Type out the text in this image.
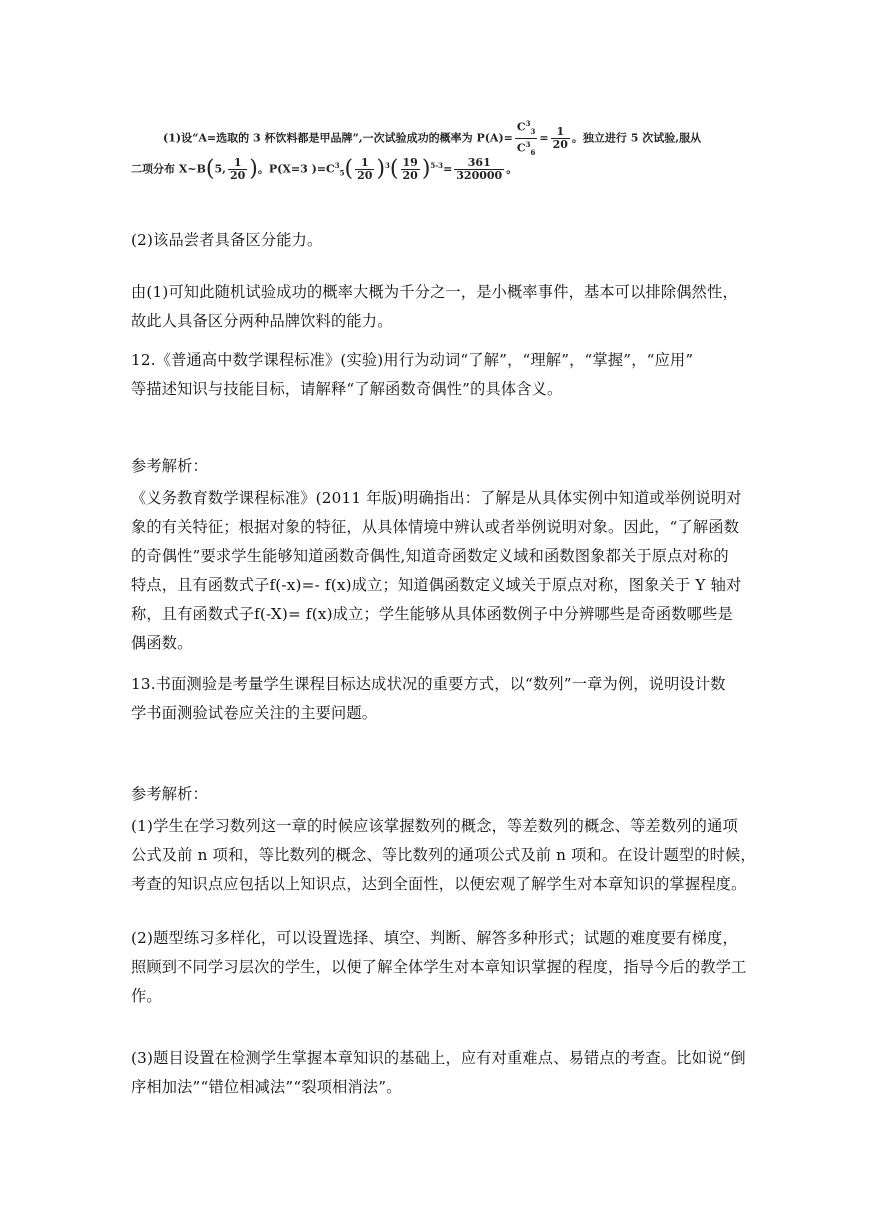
(1)设“A=选取的 3 杯饮料都是甲品牌”,一次试验成功的概率为 $P(A)= \frac{C^3_3}{C^3_6} = \frac{1}{20}$ 。独立进行 5 次试验,服从
二项分布 X~B(5, $\frac{1}{20}$ )。P(X=3 )$=C^3_5( \frac{1}{20} )^3( \frac{19}{20} )^{5-3}= \frac{361}{320000}$ 。

(2)该品尝者具备区分能力。

由(1)可知此随机试验成功的概率大概为千分之一，是小概率事件，基本可以排除偶然性，
故此人具备区分两种品牌饮料的能力。

12.《普通高中数学课程标准》(实验)用行为动词“了解”，“理解”，“掌握”，“应用”
等描述知识与技能目标，请解释“了解函数奇偶性”的具体含义。

参考解析：

《义务教育数学课程标准》(2011 年版)明确指出：了解是从具体实例中知道或举例说明对
象的有关特征；根据对象的特征，从具体情境中辨认或者举例说明对象。因此，“了解函数
的奇偶性”要求学生能够知道函数奇偶性,知道奇函数定义域和函数图象都关于原点对称的
特点，且有函数式子f(-x)=- f(x)成立；知道偶函数定义域关于原点对称，图象关于 Y 轴对
称，且有函数式子f(-X)= f(x)成立；学生能够从具体函数例子中分辨哪些是奇函数哪些是
偶函数。

13.书面测验是考量学生课程目标达成状况的重要方式，以“数列”一章为例，说明设计数
学书面测验试卷应关注的主要问题。

参考解析：

(1)学生在学习数列这一章的时候应该掌握数列的概念，等差数列的概念、等差数列的通项
公式及前 n 项和，等比数列的概念、等比数列的通项公式及前 n 项和。在设计题型的时候，
考查的知识点应包括以上知识点，达到全面性，以便宏观了解学生对本章知识的掌握程度。

(2)题型练习多样化，可以设置选择、填空、判断、解答多种形式；试题的难度要有梯度，
照顾到不同学习层次的学生，以便了解全体学生对本章知识掌握的程度，指导今后的教学工
作。

(3)题目设置在检测学生掌握本章知识的基础上，应有对重难点、易错点的考查。比如说“倒
序相加法”“错位相减法”“裂项相消法”。
